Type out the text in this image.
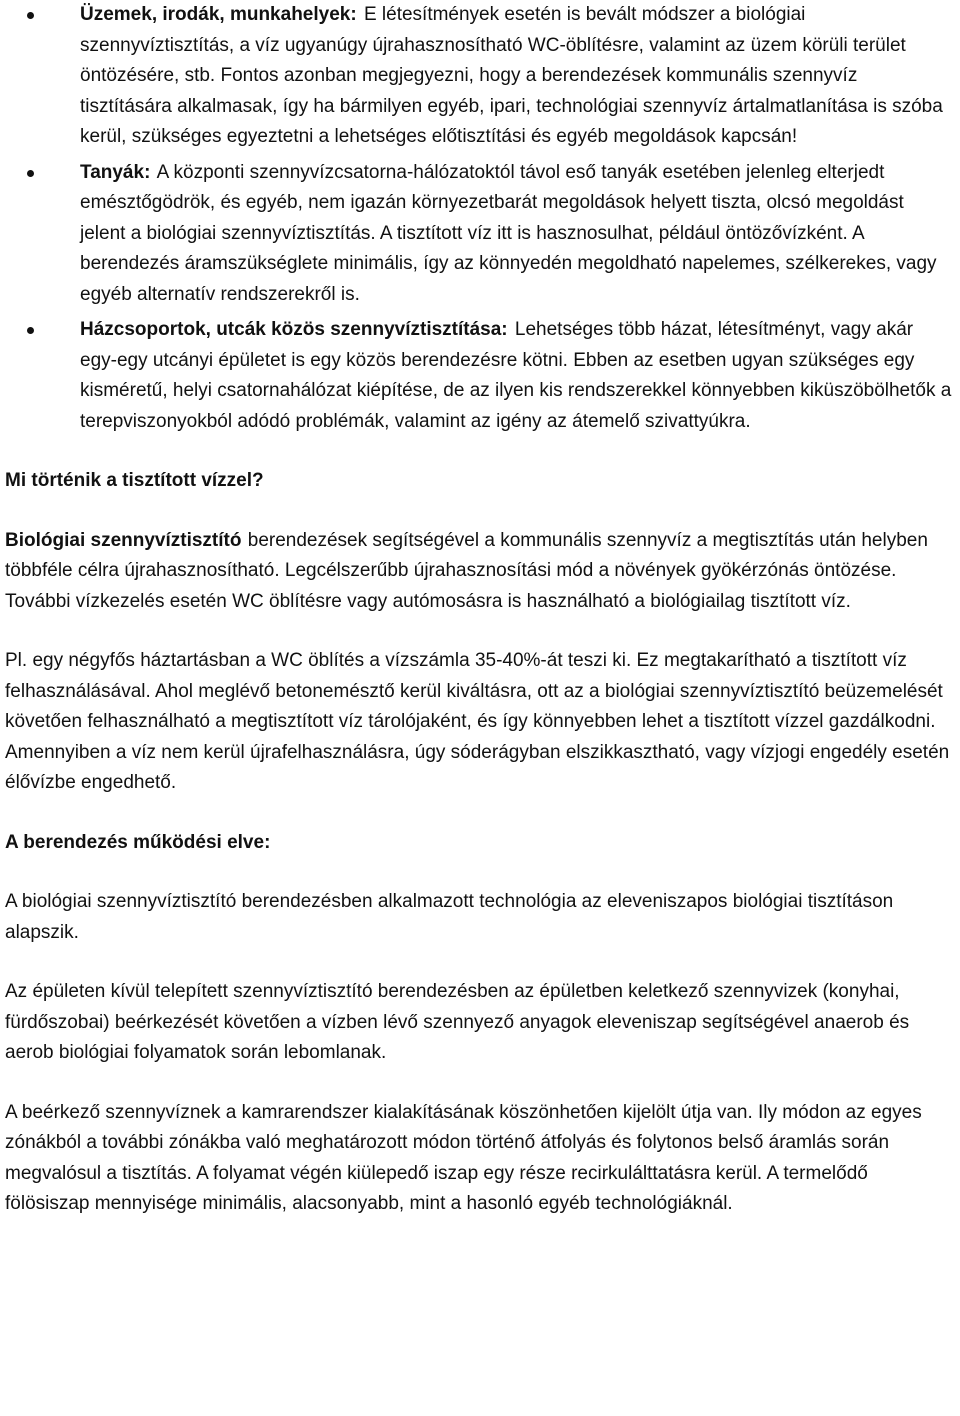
Üzemek, irodák, munkahelyek: E létesítmények esetén is bevált módszer a biológiai szennyvíztisztítás, a víz ugyanúgy újrahasznosítható WC-öblítésre, valamint az üzem körüli terület öntözésére, stb. Fontos azonban megjegyezni, hogy a berendezések kommunális szennyvíz tisztítására alkalmasak, így ha bármilyen egyéb, ipari, technológiai szennyvíz ártalmatlanítása is szóba kerül, szükséges egyeztetni a lehetséges előtisztítási és egyéb megoldások kapcsán!
Tanyák: A központi szennyvízcsatorna-hálózatoktól távol eső tanyák esetében jelenleg elterjedt emésztőgödrök, és egyéb, nem igazán környezetbarát megoldások helyett tiszta, olcsó megoldást jelent a biológiai szennyvíztisztítás. A tisztított víz itt is hasznosulhat, például öntözővízként. A berendezés áramszükséglete minimális, így az könnyedén megoldható napelemes, szélkerekes, vagy egyéb alternatív rendszerekről is.
Házcsoportok, utcák közös szennyvíztisztítása: Lehetséges több házat, létesítményt, vagy akár egy-egy utcányi épületet is egy közös berendezésre kötni. Ebben az esetben ugyan szükséges egy kisméretű, helyi csatornahálózat kiépítése, de az ilyen kis rendszerekkel könnyebben kiküszöbölhetők a terepviszonyokból adódó problémák, valamint az igény az átemelő szivattyúkra.
Mi történik a tisztított vízzel?

Biológiai szennyvíztisztító berendezések segítségével a kommunális szennyvíz a megtisztítás után helyben többféle célra újrahasznosítható. Legcélszerűbb újrahasznosítási mód a növények gyökérzónás öntözése. További vízkezelés esetén WC öblítésre vagy autómosásra is használható a biológiailag tisztított víz.

Pl. egy négyfős háztartásban a WC öblítés a vízszámla 35-40%-át teszi ki. Ez megtakarítható a tisztított víz felhasználásával. Ahol meglévő betonemésztő kerül kiváltásra, ott az a biológiai szennyvíztisztító beüzemelését követően felhasználható a megtisztított víz tárolójaként, és így könnyebben lehet a tisztított vízzel gazdálkodni. Amennyiben a víz nem kerül újrafelhasználásra, úgy sóderágyban elszikkasztható, vagy vízjogi engedély esetén élővízbe engedhető.

A berendezés működési elve:

A biológiai szennyvíztisztító berendezésben alkalmazott technológia az eleveniszapos biológiai tisztításon alapszik.

Az épületen kívül telepített szennyvíztisztító berendezésben az épületben keletkező szennyvizek (konyhai, fürdőszobai) beérkezését követően a vízben lévő szennyező anyagok eleveniszap segítségével anaerob és aerob biológiai folyamatok során lebomlanak.

A beérkező szennyvíznek a kamrarendszer kialakításának köszönhetően kijelölt útja van. Ily módon az egyes zónákból a további zónákba való meghatározott módon történő átfolyás és folytonos belső áramlás során megvalósul a tisztítás. A folyamat végén kiülepedő iszap egy része recirkulálttatásra kerül. A termelődő fölösiszap mennyisége minimális, alacsonyabb, mint a hasonló egyéb technológiáknál.
